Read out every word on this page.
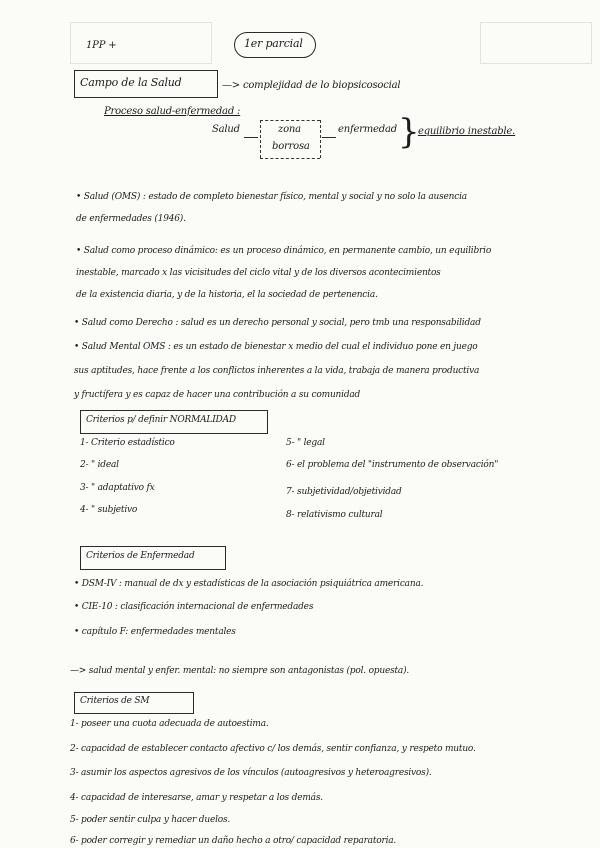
1PP +	1er parcial
Campo de la Salud	—> complejidad de lo biopsicosocial
Proceso salud-enfermedad :
Salud	zona
borrosa
enfermedad }
equilibrio inestable.
• Salud (OMS) : estado de completo bienestar físico, mental y social y no solo la ausencia
de enfermedades (1946).
• Salud como proceso dinámico: es un proceso dinámico, en permanente cambio, un equilibrio
inestable, marcado x las vicisitudes del ciclo vital y de los diversos acontecimientos
de la existencia diaria, y de la historia, el la sociedad de pertenencia.
• Salud como Derecho : salud es un derecho personal y social, pero tmb una responsabilidad
• Salud Mental OMS : es un estado de bienestar x medio del cual el individuo pone en juego
sus aptitudes, hace frente a los conflictos inherentes a la vida, trabaja de manera productiva
y fructífera y es capaz de hacer una contribución a su comunidad
Criterios p/ definir NORMALIDAD
1- Criterio estadístico
2- " ideal
3- " adaptativo fx
4- " subjetivo
5- " legal
6- el problema del "instrumento de observación"
7- subjetividad/objetividad
8- relativismo cultural
Criterios de Enfermedad
• DSM-IV : manual de dx y estadísticas de la asociación psiquiátrica americana.
• CIE-10 : clasificación internacional de enfermedades
• capítulo F: enfermedades mentales
—> salud mental y enfer. mental: no siempre son antagonistas (pol. opuesta).
Criterios de SM
1- poseer una cuota adecuada de autoestima.
2- capacidad de establecer contacto afectivo c/ los demás, sentir confianza, y respeto mutuo.
3- asumir los aspectos agresivos de los vínculos (autoagresivos y heteroagresivos).
4- capacidad de interesarse, amar y respetar a los demás.
5- poder sentir culpa y hacer duelos.
6- poder corregir y remediar un daño hecho a otro/ capacidad reparatoria.
